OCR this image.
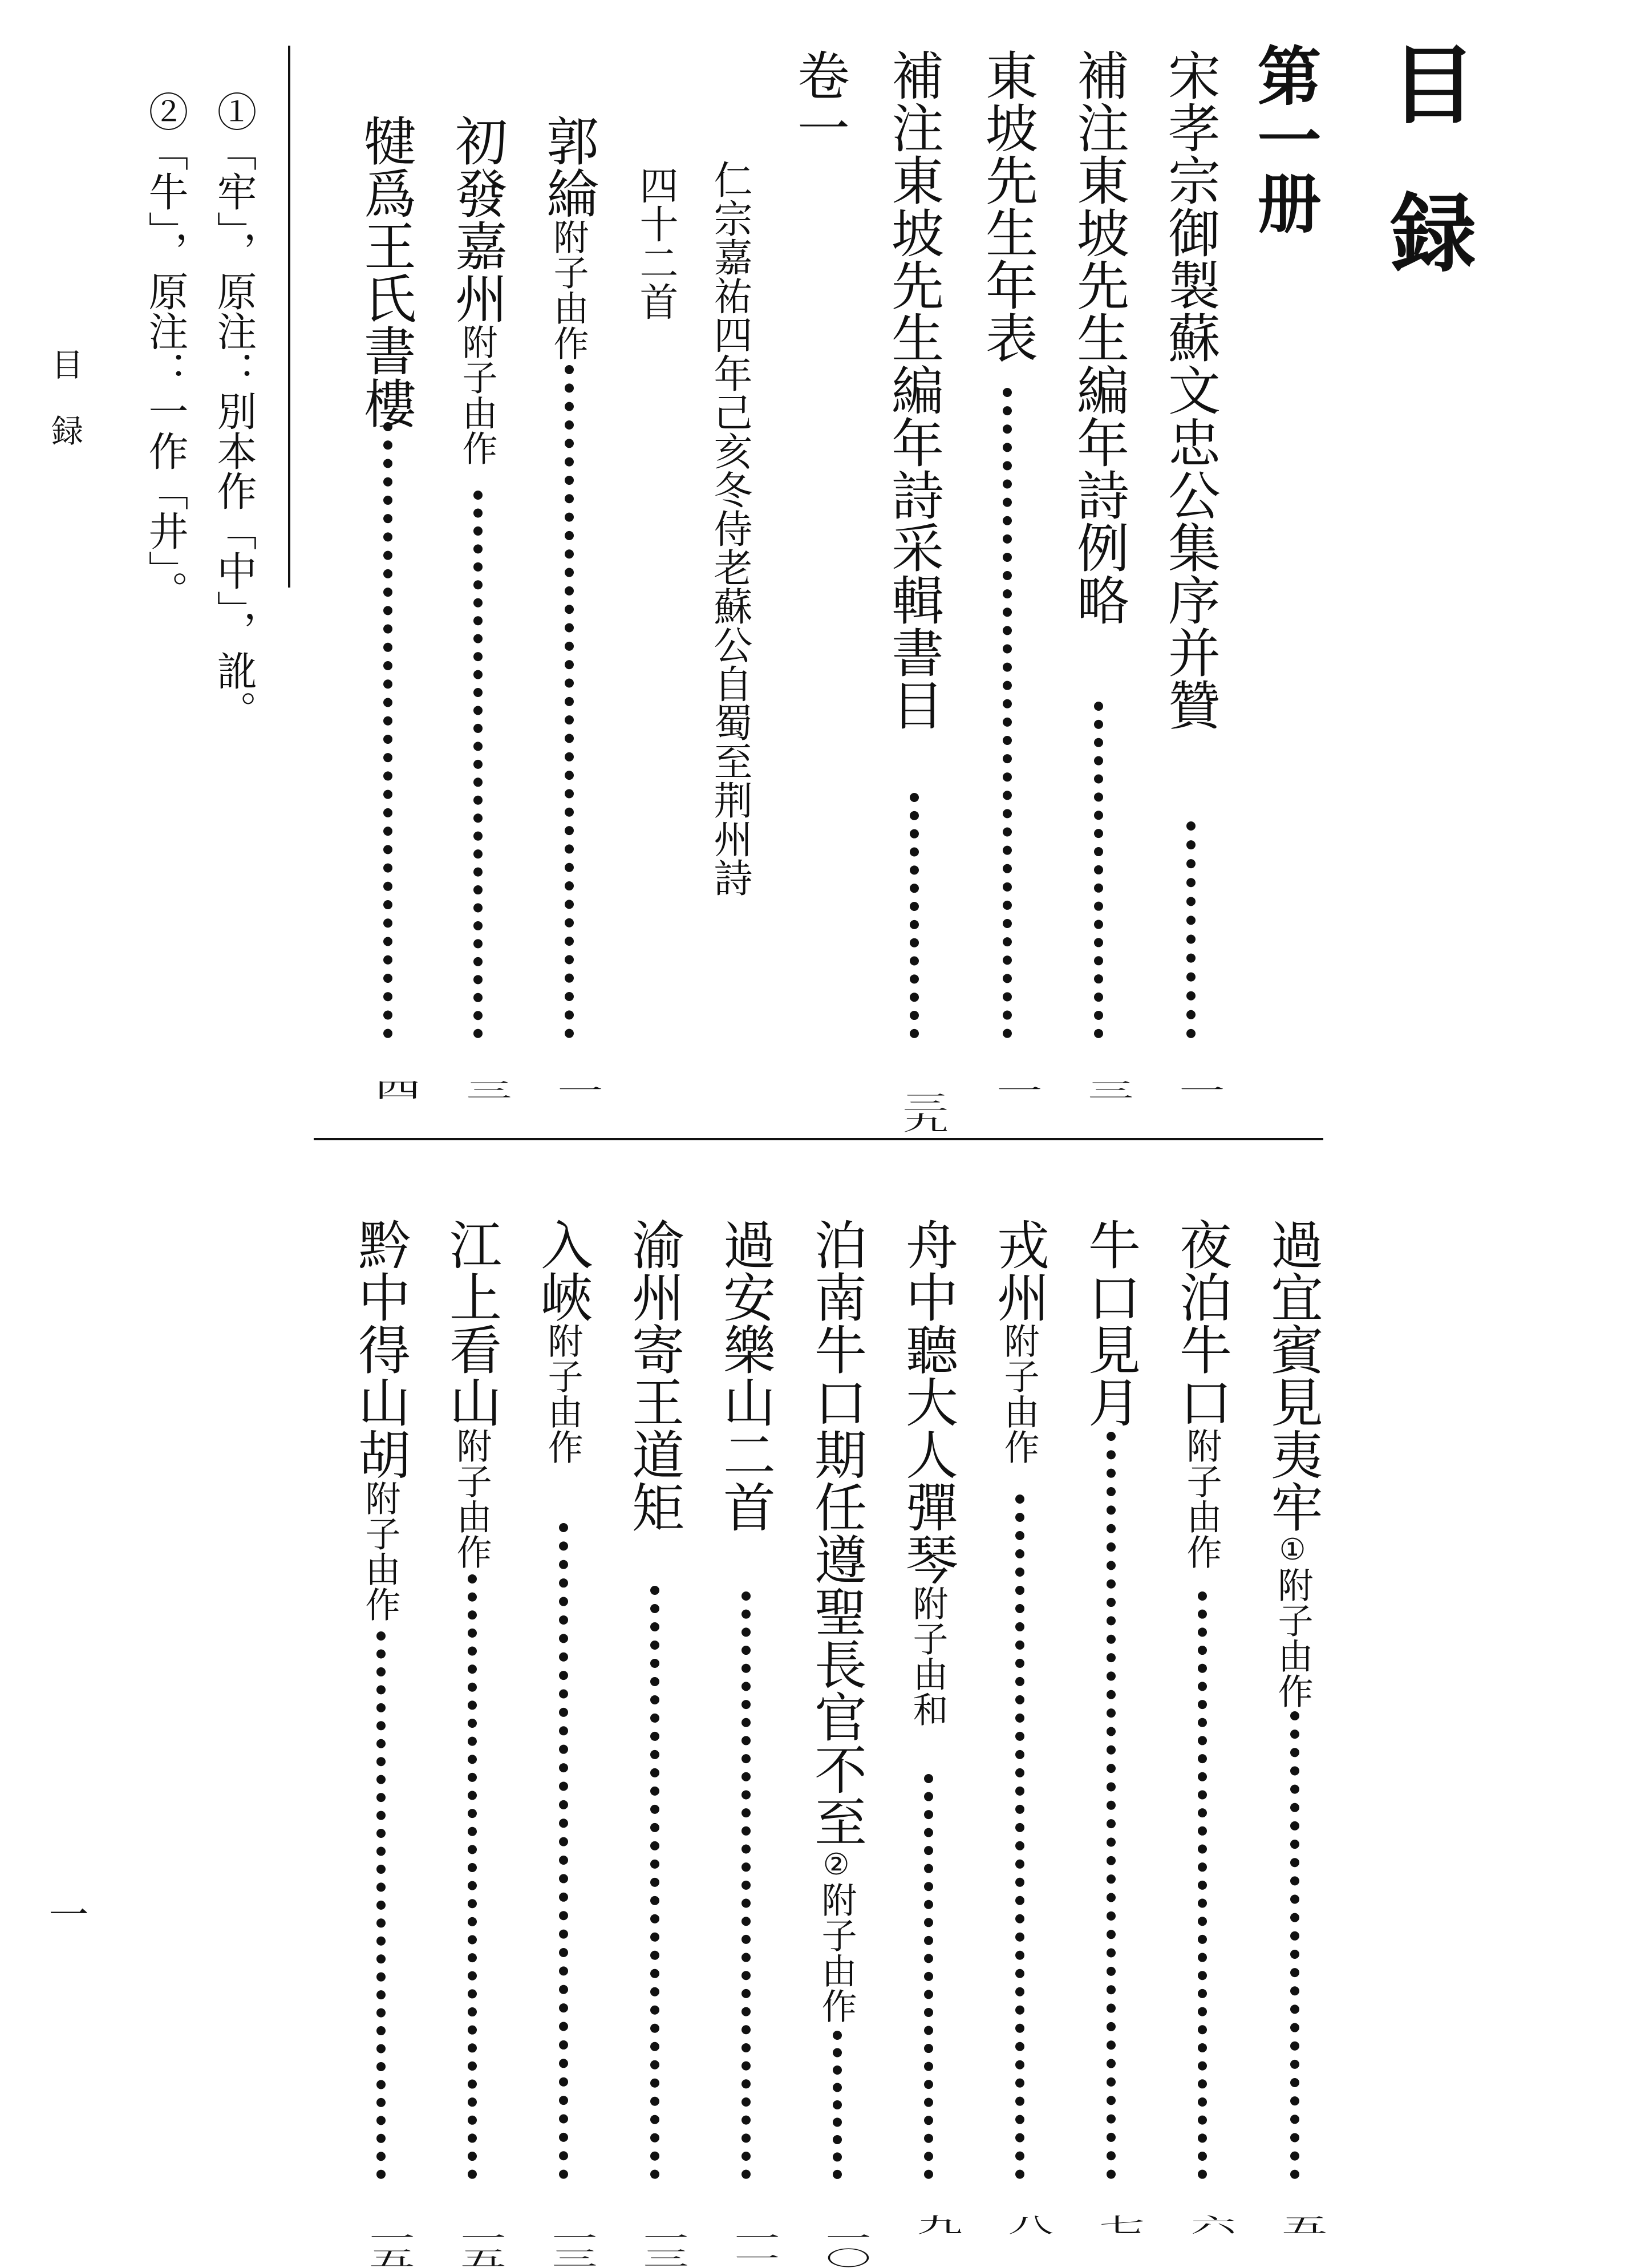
目録
第一册
宋孝宗御製蘇文忠公集序并贊
一
補注東坡先生編年詩例略
三
東坡先生年表
一
補注東坡先生編年詩采輯書目
三九
卷一
仁宗嘉祐四年己亥冬侍老蘇公自蜀至荆州詩
四十二首
郭綸附子由作
一
初發嘉州附子由作
三
犍爲王氏書樓
四
①「牢」，原注：別本作「中」，訛。
②「牛」，原注：一作「井」。
目録
一
過宜賓見夷牢①附子由作
五
夜泊牛口附子由作
六
牛口見月
七
戎州附子由作
八
舟中聽大人彈琴附子由和
九
泊南牛口期任遵聖長官不至②附子由作
一〇
過安樂山二首
一一
渝州寄王道矩
一三
入峽附子由作
一三
江上看山附子由作
一五
黔中得山胡附子由作
一五
